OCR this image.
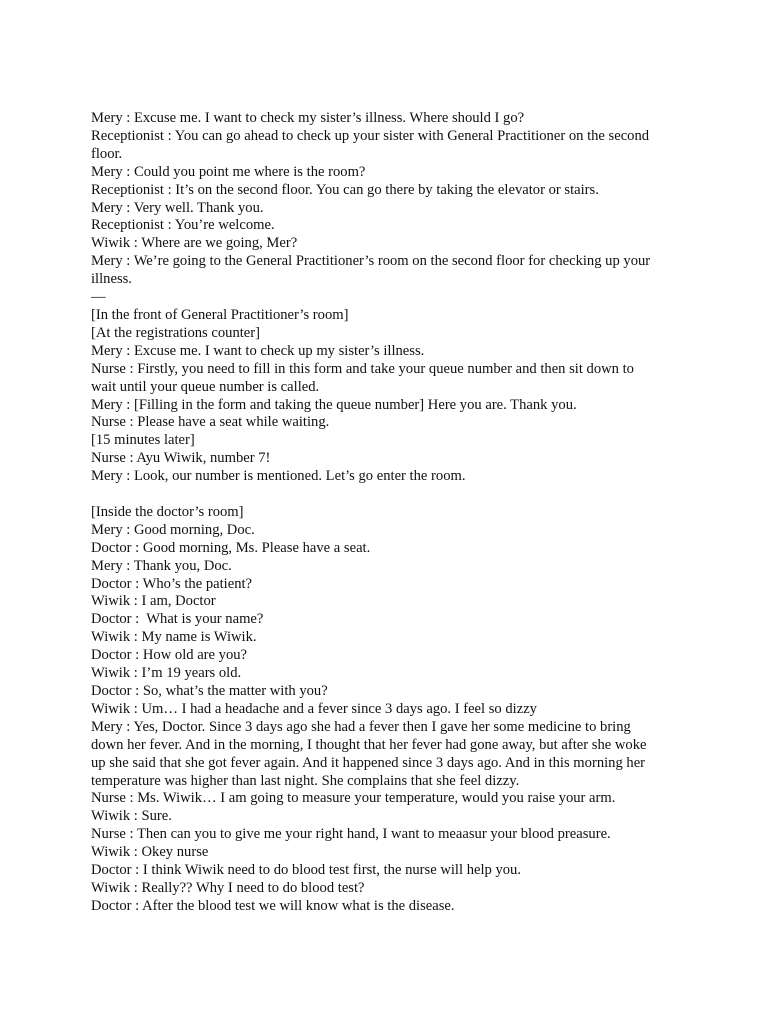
Mery : Excuse me. I want to check my sister’s illness. Where should I go?

Receptionist : You can go ahead to check up your sister with General Practitioner on the second

floor.

Mery : Could you point me where is the room?

Receptionist : It’s on the second floor. You can go there by taking the elevator or stairs.

Mery : Very well. Thank you.

Receptionist : You’re welcome.

Wiwik : Where are we going, Mer?

Mery : We’re going to the General Practitioner’s room on the second floor for checking up your

illness.

—

[In the front of General Practitioner’s room]

[At the registrations counter]

Mery : Excuse me. I want to check up my sister’s illness.

Nurse : Firstly, you need to fill in this form and take your queue number and then sit down to

wait until your queue number is called.

Mery : [Filling in the form and taking the queue number] Here you are. Thank you.

Nurse : Please have a seat while waiting.

[15 minutes later]

Nurse : Ayu Wiwik, number 7!

Mery : Look, our number is mentioned. Let’s go enter the room.

[Inside the doctor’s room]

Mery : Good morning, Doc.

Doctor : Good morning, Ms. Please have a seat.

Mery : Thank you, Doc.

Doctor : Who’s the patient?

Wiwik : I am, Doctor

Doctor :  What is your name?

Wiwik : My name is Wiwik.

Doctor : How old are you?

Wiwik : I’m 19 years old.

Doctor : So, what’s the matter with you?

Wiwik : Um… I had a headache and a fever since 3 days ago. I feel so dizzy

Mery : Yes, Doctor. Since 3 days ago she had a fever then I gave her some medicine to bring

down her fever. And in the morning, I thought that her fever had gone away, but after she woke

up she said that she got fever again. And it happened since 3 days ago. And in this morning her

temperature was higher than last night. She complains that she feel dizzy.

Nurse : Ms. Wiwik… I am going to measure your temperature, would you raise your arm.

Wiwik : Sure.

Nurse : Then can you to give me your right hand, I want to meaasur your blood preasure.

Wiwik : Okey nurse

Doctor : I think Wiwik need to do blood test first, the nurse will help you.

Wiwik : Really?? Why I need to do blood test?

Doctor : After the blood test we will know what is the disease.
